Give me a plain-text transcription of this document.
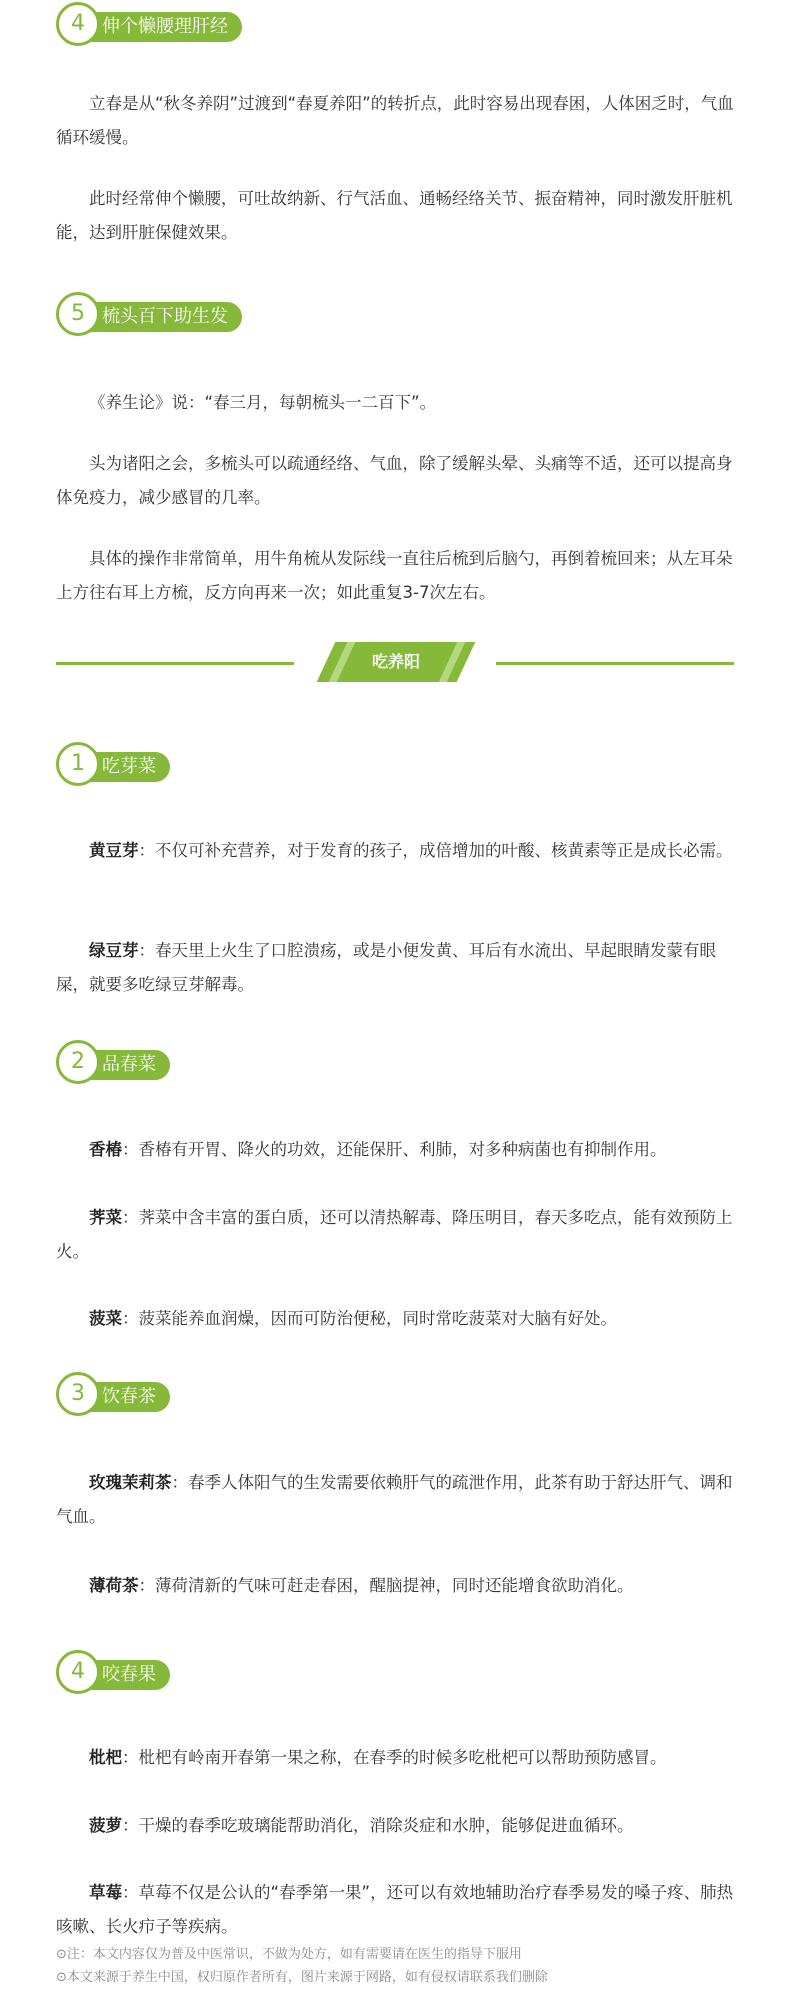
伸个懒腰理肝经
4

立春是从“秋冬养阴”过渡到“春夏养阳”的转折点，此时容易出现春困，人体困乏时，气血循环缓慢。

此时经常伸个懒腰，可吐故纳新、行气活血、通畅经络关节、振奋精神，同时激发肝脏机能，达到肝脏保健效果。

梳头百下助生发
5

《养生论》说：“春三月，每朝梳头一二百下”。

头为诸阳之会，多梳头可以疏通经络、气血，除了缓解头晕、头痛等不适，还可以提高身体免疫力，减少感冒的几率。

具体的操作非常简单，用牛角梳从发际线一直往后梳到后脑勺，再倒着梳回来；从左耳朵上方往右耳上方梳，反方向再来一次；如此重复3-7次左右。

吃养阳
吃芽菜
1

黄豆芽：不仅可补充营养，对于发育的孩子，成倍增加的叶酸、核黄素等正是成长必需。

绿豆芽：春天里上火生了口腔溃疡，或是小便发黄、耳后有水流出、早起眼睛发蒙有眼屎，就要多吃绿豆芽解毒。

品春菜
2

香椿：香椿有开胃、降火的功效，还能保肝、利肺，对多种病菌也有抑制作用。

荠菜：荠菜中含丰富的蛋白质，还可以清热解毒、降压明目，春天多吃点，能有效预防上火。

菠菜：菠菜能养血润燥，因而可防治便秘，同时常吃菠菜对大脑有好处。

饮春茶
3

玫瑰茉莉茶：春季人体阳气的生发需要依赖肝气的疏泄作用，此茶有助于舒达肝气、调和气血。

薄荷茶：薄荷清新的气味可赶走春困，醒脑提神，同时还能增食欲助消化。

咬春果
4

枇杷：枇杷有岭南开春第一果之称，在春季的时候多吃枇杷可以帮助预防感冒。

菠萝：干燥的春季吃玻璃能帮助消化，消除炎症和水肿，能够促进血循环。

草莓：草莓不仅是公认的“春季第一果”，还可以有效地辅助治疗春季易发的嗓子疼、肺热咳嗽、长火疖子等疾病。

⊙注：本文内容仅为普及中医常识，不做为处方，如有需要请在医生的指导下服用
⊙本文来源于养生中国，权归原作者所有，图片来源于网路，如有侵权请联系我们删除
